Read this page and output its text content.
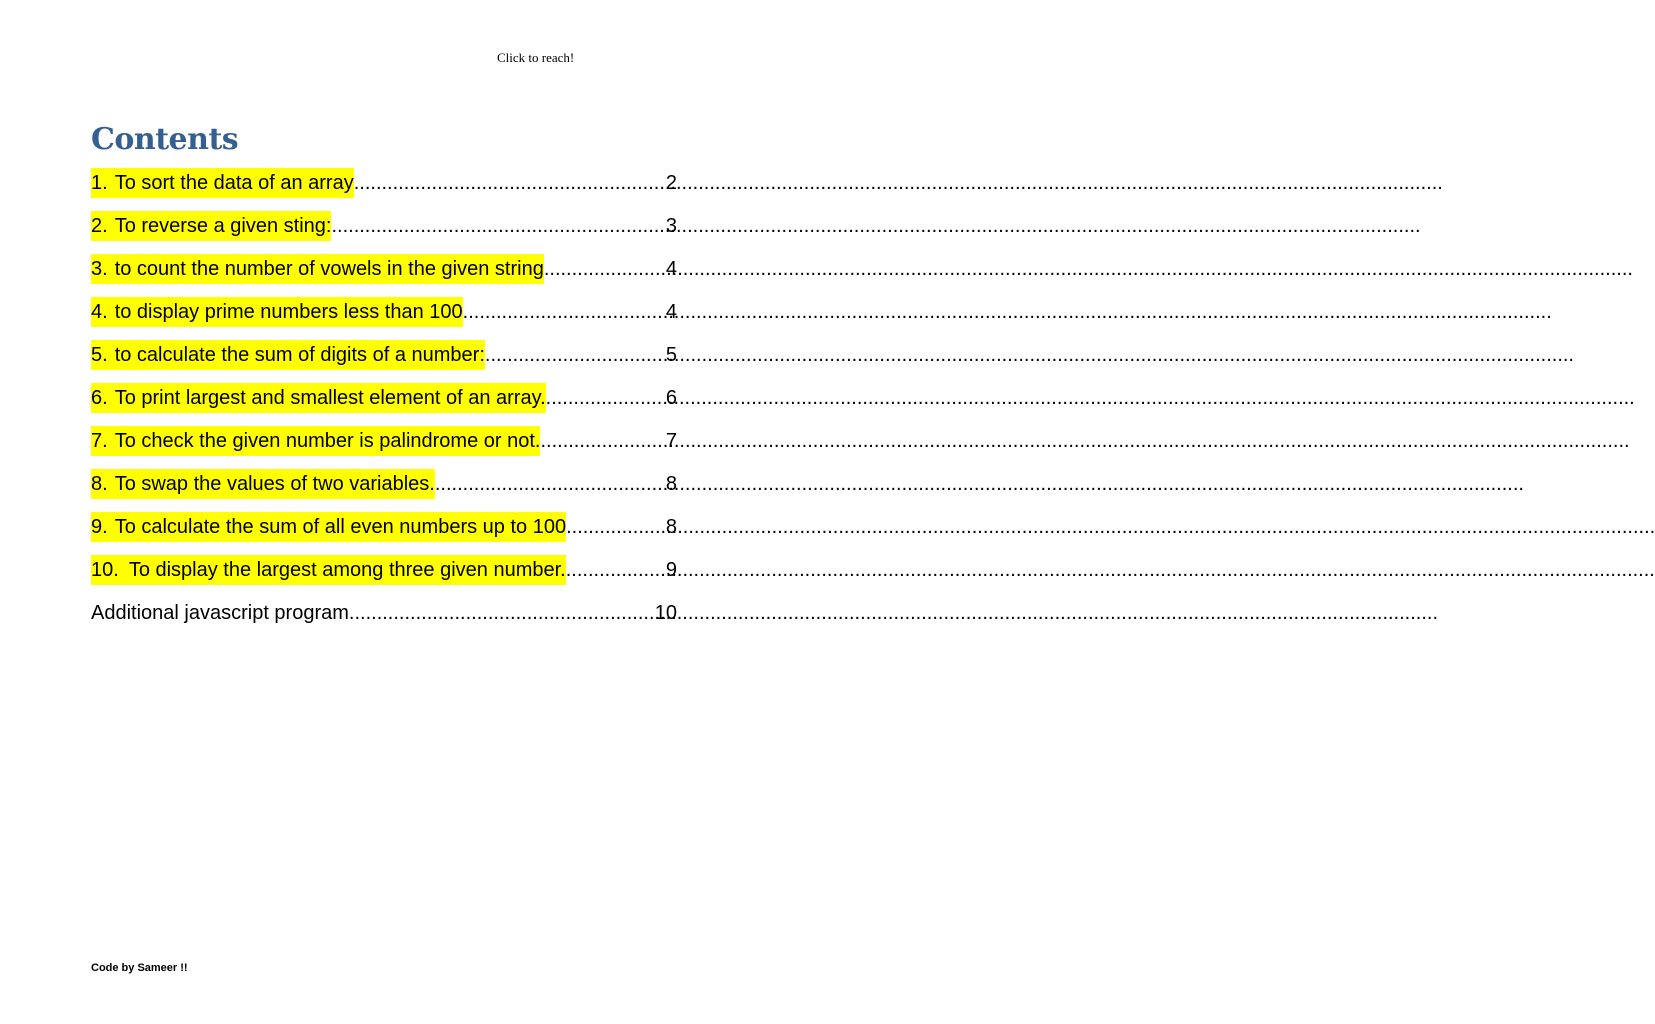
Click to reach!
Contents
1. To sort the data of an array .....	2
2. To reverse a given sting: .....	3
3. to count the number of vowels in the given string .....	4
4. to display prime numbers less than 100 .....	4
5. to calculate the sum of digits of a number: .....	5
6. To print largest and smallest element of an array. .....	6
7. To check the given number is palindrome or not. .....	7
8. To swap the values of two variables. .....	8
9. To calculate the sum of all even numbers up to 100 .....	8
10. To display the largest among three given number. .....	9
Additional javascript program .....	10
Code by Sameer !!
